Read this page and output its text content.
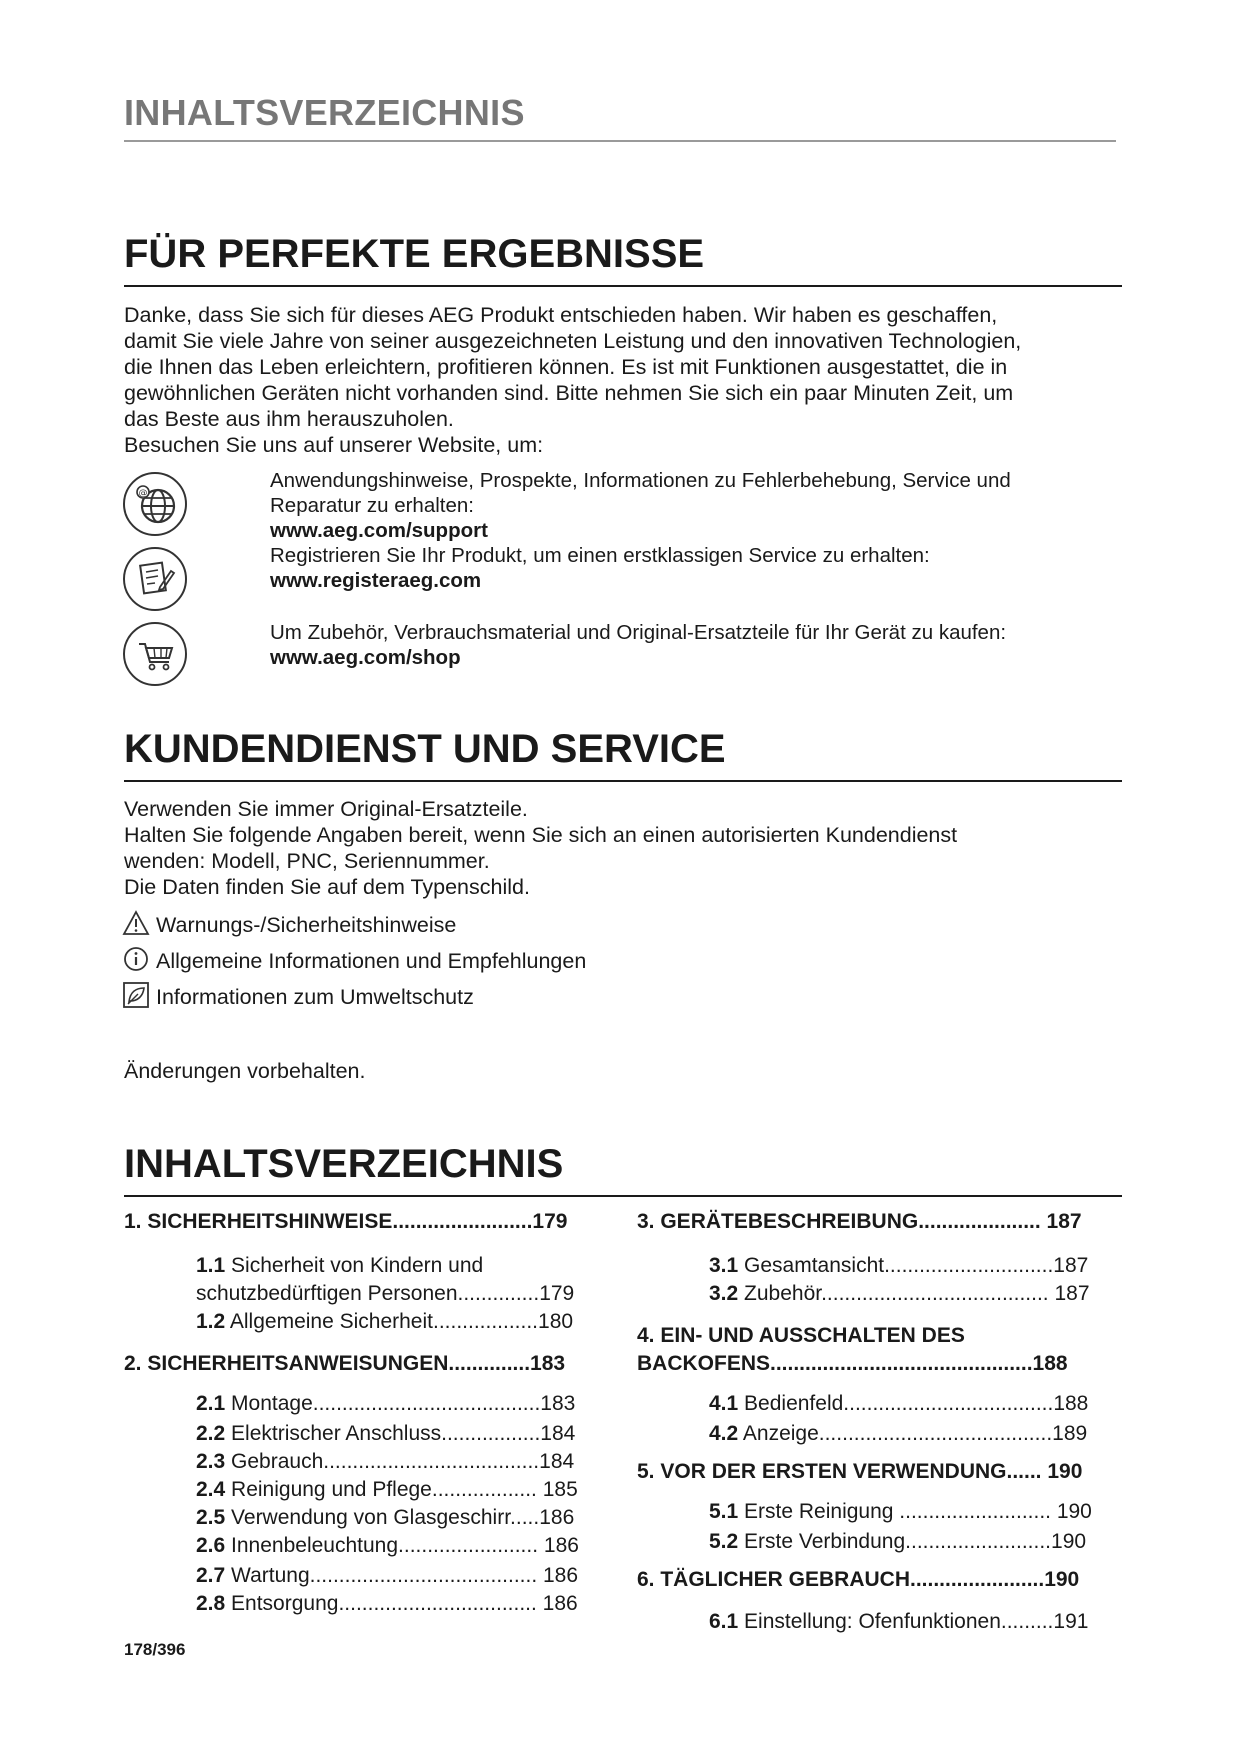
INHALTSVERZEICHNIS
FÜR PERFEKTE ERGEBNISSE

Danke, dass Sie sich für dieses AEG Produkt entschieden haben. Wir haben es geschaffen,
damit Sie viele Jahre von seiner ausgezeichneten Leistung und den innovativen Technologien,
die Ihnen das Leben erleichtern, profitieren können. Es ist mit Funktionen ausgestattet, die in
gewöhnlichen Geräten nicht vorhanden sind. Bitte nehmen Sie sich ein paar Minuten Zeit, um
das Beste aus ihm herauszuholen.
Besuchen Sie uns auf unserer Website, um:

@
Anwendungshinweise, Prospekte, Informationen zu Fehlerbehebung, Service und
Reparatur zu erhalten:
www.aeg.com/support
Registrieren Sie Ihr Produkt, um einen erstklassigen Service zu erhalten:
www.registeraeg.com
Um Zubehör, Verbrauchsmaterial und Original-Ersatzteile für Ihr Gerät zu kaufen:
www.aeg.com/shop
KUNDENDIENST UND SERVICE

Verwenden Sie immer Original-Ersatzteile.
Halten Sie folgende Angaben bereit, wenn Sie sich an einen autorisierten Kundendienst
wenden: Modell, PNC, Seriennummer.
Die Daten finden Sie auf dem Typenschild.

Warnungs-/Sicherheitshinweise
Allgemeine Informationen und Empfehlungen
Informationen zum Umweltschutz
Änderungen vorbehalten.
INHALTSVERZEICHNIS
1. SICHERHEITSHINWEISE........................179
1.1 Sicherheit von Kindern und
schutzbedürftigen Personen..............179
1.2 Allgemeine Sicherheit..................180
2. SICHERHEITSANWEISUNGEN..............183
2.1 Montage.......................................183
2.2 Elektrischer Anschluss.................184
2.3 Gebrauch.....................................184
2.4 Reinigung und Pflege.................. 185
2.5 Verwendung von Glasgeschirr.....186
2.6 Innenbeleuchtung........................ 186
2.7 Wartung....................................... 186
2.8 Entsorgung.................................. 186
3. GERÄTEBESCHREIBUNG..................... 187
3.1 Gesamtansicht.............................187
3.2 Zubehör....................................... 187
4. EIN- UND AUSSCHALTEN DES
BACKOFENS.............................................188
4.1 Bedienfeld....................................188
4.2 Anzeige........................................189
5. VOR DER ERSTEN VERWENDUNG...... 190
5.1 Erste Reinigung .......................... 190
5.2 Erste Verbindung.........................190
6. TÄGLICHER GEBRAUCH.......................190
6.1 Einstellung: Ofenfunktionen.........191
178/396
